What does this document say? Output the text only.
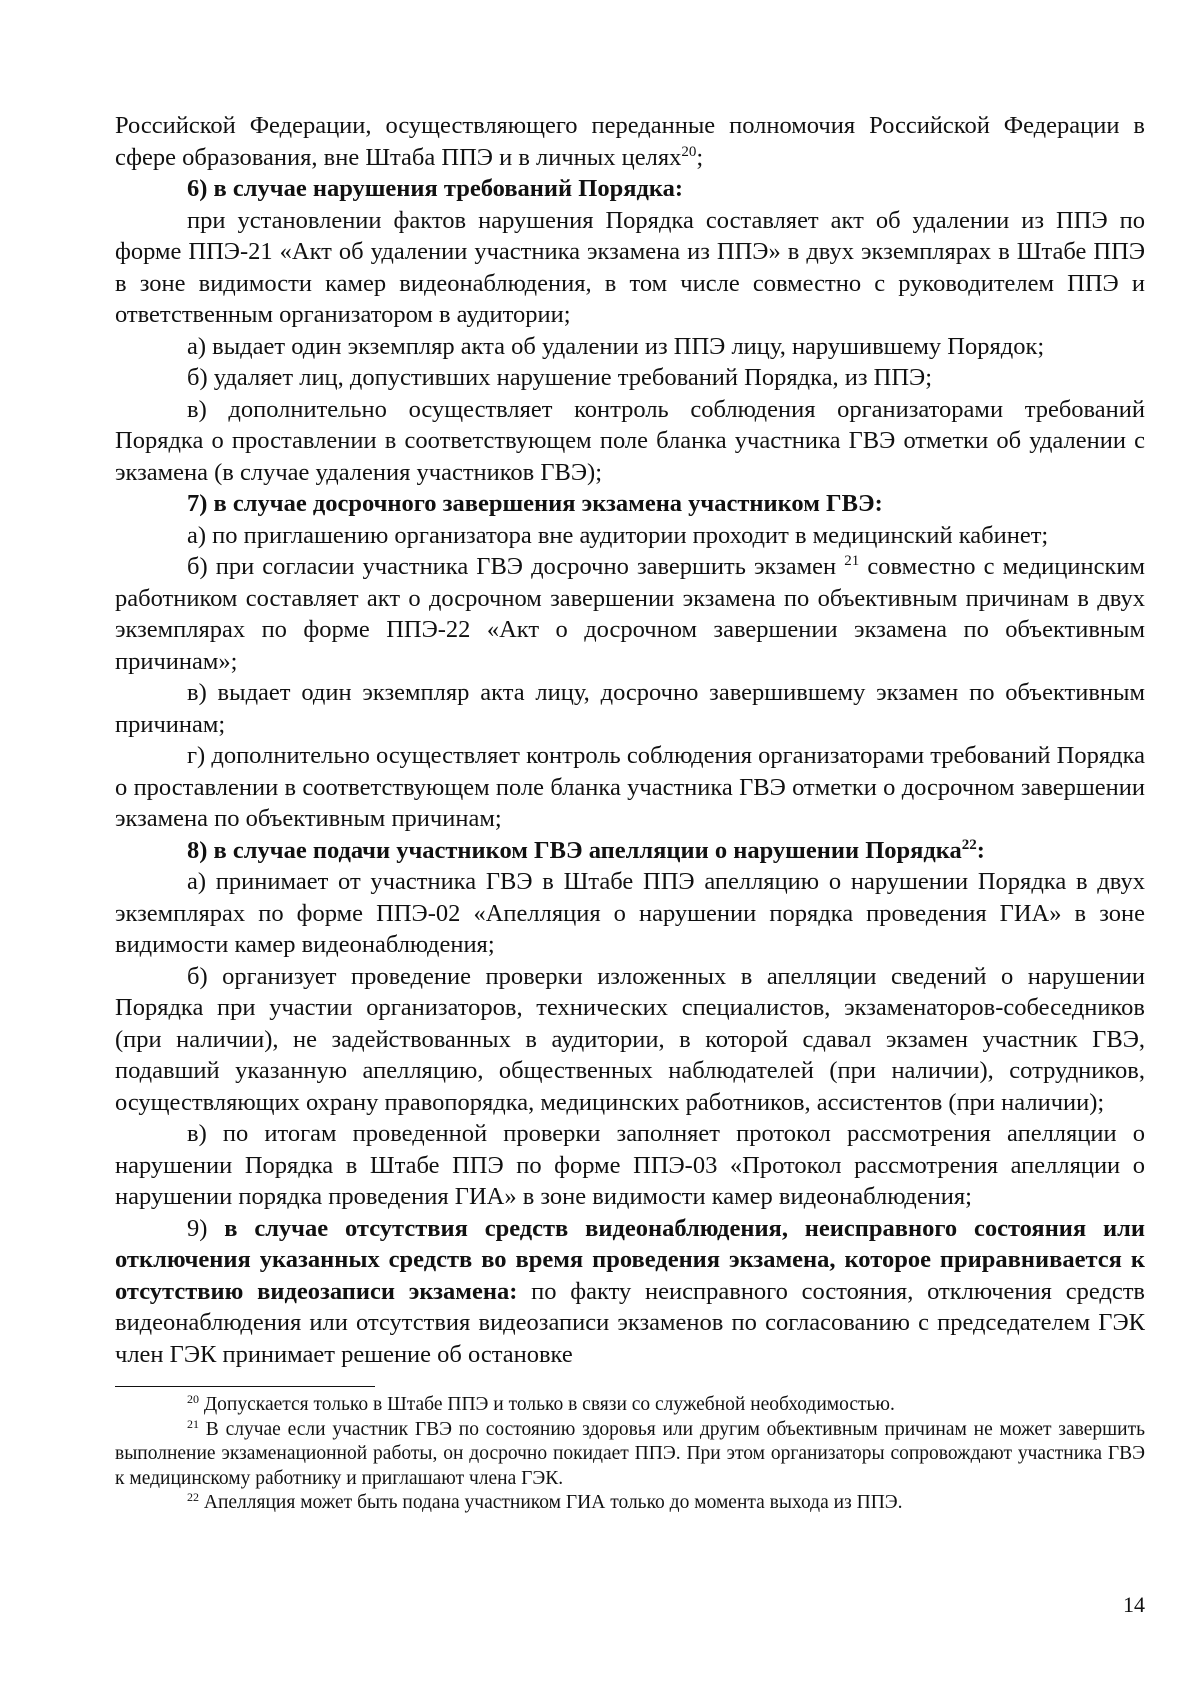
Российской Федерации, осуществляющего переданные полномочия Российской Федерации в сфере образования, вне Штаба ППЭ и в личных целях$^{20}$;

6) в случае нарушения требований Порядка:

при установлении фактов нарушения Порядка составляет акт об удалении из ППЭ по форме ППЭ-21 «Акт об удалении участника экзамена из ППЭ» в двух экземплярах в Штабе ППЭ в зоне видимости камер видеонаблюдения, в том числе совместно с руководителем ППЭ и ответственным организатором в аудитории;

а) выдает один экземпляр акта об удалении из ППЭ лицу, нарушившему Порядок;

б) удаляет лиц, допустивших нарушение требований Порядка, из ППЭ;

в) дополнительно осуществляет контроль соблюдения организаторами требований Порядка о проставлении в соответствующем поле бланка участника ГВЭ отметки об удалении с экзамена (в случае удаления участников ГВЭ);

7) в случае досрочного завершения экзамена участником ГВЭ:

а) по приглашению организатора вне аудитории проходит в медицинский кабинет;

б) при согласии участника ГВЭ досрочно завершить экзамен $^{21}$ совместно с медицинским работником составляет акт о досрочном завершении экзамена по объективным причинам в двух экземплярах по форме ППЭ-22 «Акт о досрочном завершении экзамена по объективным причинам»;

в) выдает один экземпляр акта лицу, досрочно завершившему экзамен по объективным причинам;

г) дополнительно осуществляет контроль соблюдения организаторами требований Порядка о проставлении в соответствующем поле бланка участника ГВЭ отметки о досрочном завершении экзамена по объективным причинам;

8) в случае подачи участником ГВЭ апелляции о нарушении Порядка$^{22}$:

а) принимает от участника ГВЭ в Штабе ППЭ апелляцию о нарушении Порядка в двух экземплярах по форме ППЭ-02 «Апелляция о нарушении порядка проведения ГИА» в зоне видимости камер видеонаблюдения;

б) организует проведение проверки изложенных в апелляции сведений о нарушении Порядка при участии организаторов, технических специалистов, экзаменаторов-собеседников (при наличии), не задействованных в аудитории, в которой сдавал экзамен участник ГВЭ, подавший указанную апелляцию, общественных наблюдателей (при наличии), сотрудников, осуществляющих охрану правопорядка, медицинских работников, ассистентов (при наличии);

в) по итогам проведенной проверки заполняет протокол рассмотрения апелляции о нарушении Порядка в Штабе ППЭ по форме ППЭ-03 «Протокол рассмотрения апелляции о нарушении порядка проведения ГИА» в зоне видимости камер видеонаблюдения;

9) в случае отсутствия средств видеонаблюдения, неисправного состояния или отключения указанных средств во время проведения экзамена, которое приравнивается к отсутствию видеозаписи экзамена: по факту неисправного состояния, отключения средств видеонаблюдения или отсутствия видеозаписи экзаменов по согласованию с председателем ГЭК член ГЭК принимает решение об остановке

$^{20}$ Допускается только в Штабе ППЭ и только в связи со служебной необходимостью.

$^{21}$ В случае если участник ГВЭ по состоянию здоровья или другим объективным причинам не может завершить выполнение экзаменационной работы, он досрочно покидает ППЭ. При этом организаторы сопровождают участника ГВЭ к медицинскому работнику и приглашают члена ГЭК.

$^{22}$ Апелляция может быть подана участником ГИА только до момента выхода из ППЭ.

14
